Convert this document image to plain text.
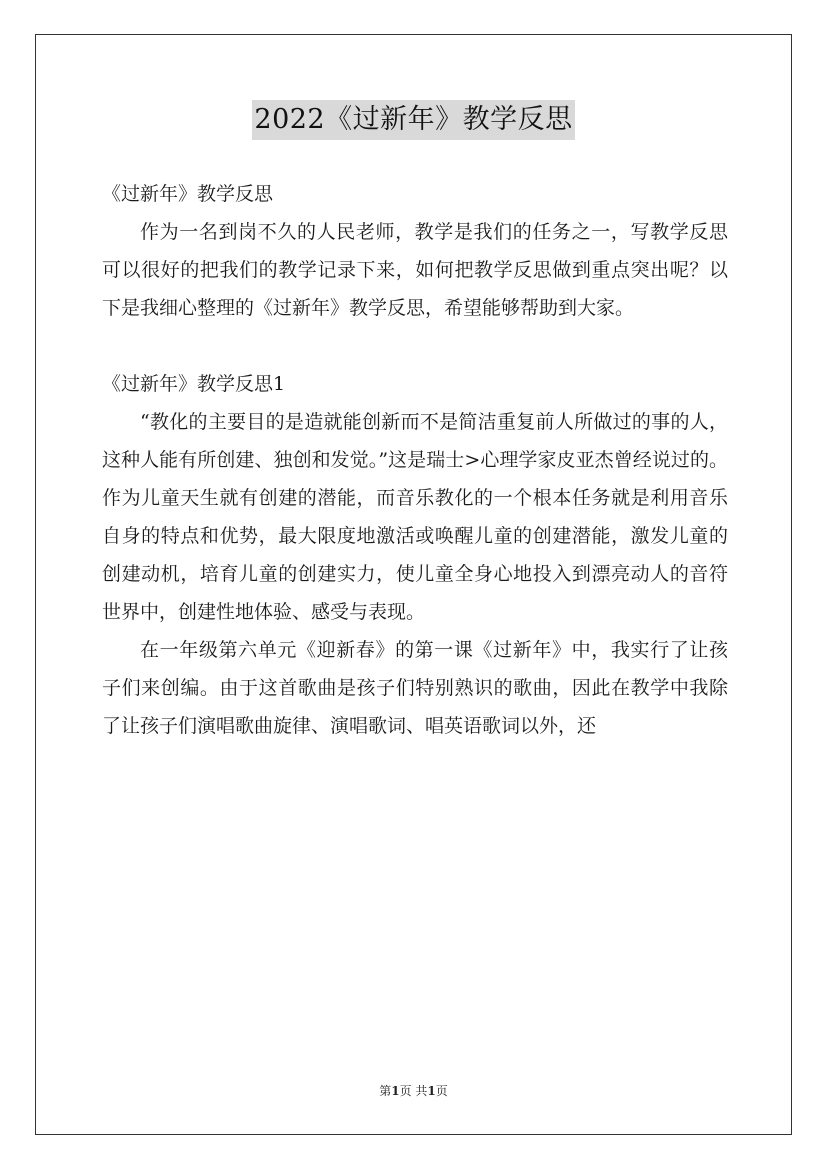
2022《过新年》教学反思

《过新年》教学反思

作为一名到岗不久的人民老师，教学是我们的任务之一，写教学反思可以很好的把我们的教学记录下来，如何把教学反思做到重点突出呢？以下是我细心整理的《过新年》教学反思，希望能够帮助到大家。

《过新年》教学反思1

“教化的主要目的是造就能创新而不是简洁重复前人所做过的事的人，这种人能有所创建、独创和发觉。”这是瑞士>心理学家皮亚杰曾经说过的。作为儿童天生就有创建的潜能，而音乐教化的一个根本任务就是利用音乐自身的特点和优势，最大限度地激活或唤醒儿童的创建潜能，激发儿童的创建动机，培育儿童的创建实力，使儿童全身心地投入到漂亮动人的音符世界中，创建性地体验、感受与表现。

在一年级第六单元《迎新春》的第一课《过新年》中，我实行了让孩子们来创编。由于这首歌曲是孩子们特别熟识的歌曲，因此在教学中我除了让孩子们演唱歌曲旋律、演唱歌词、唱英语歌词以外，还

第1页 共1页
